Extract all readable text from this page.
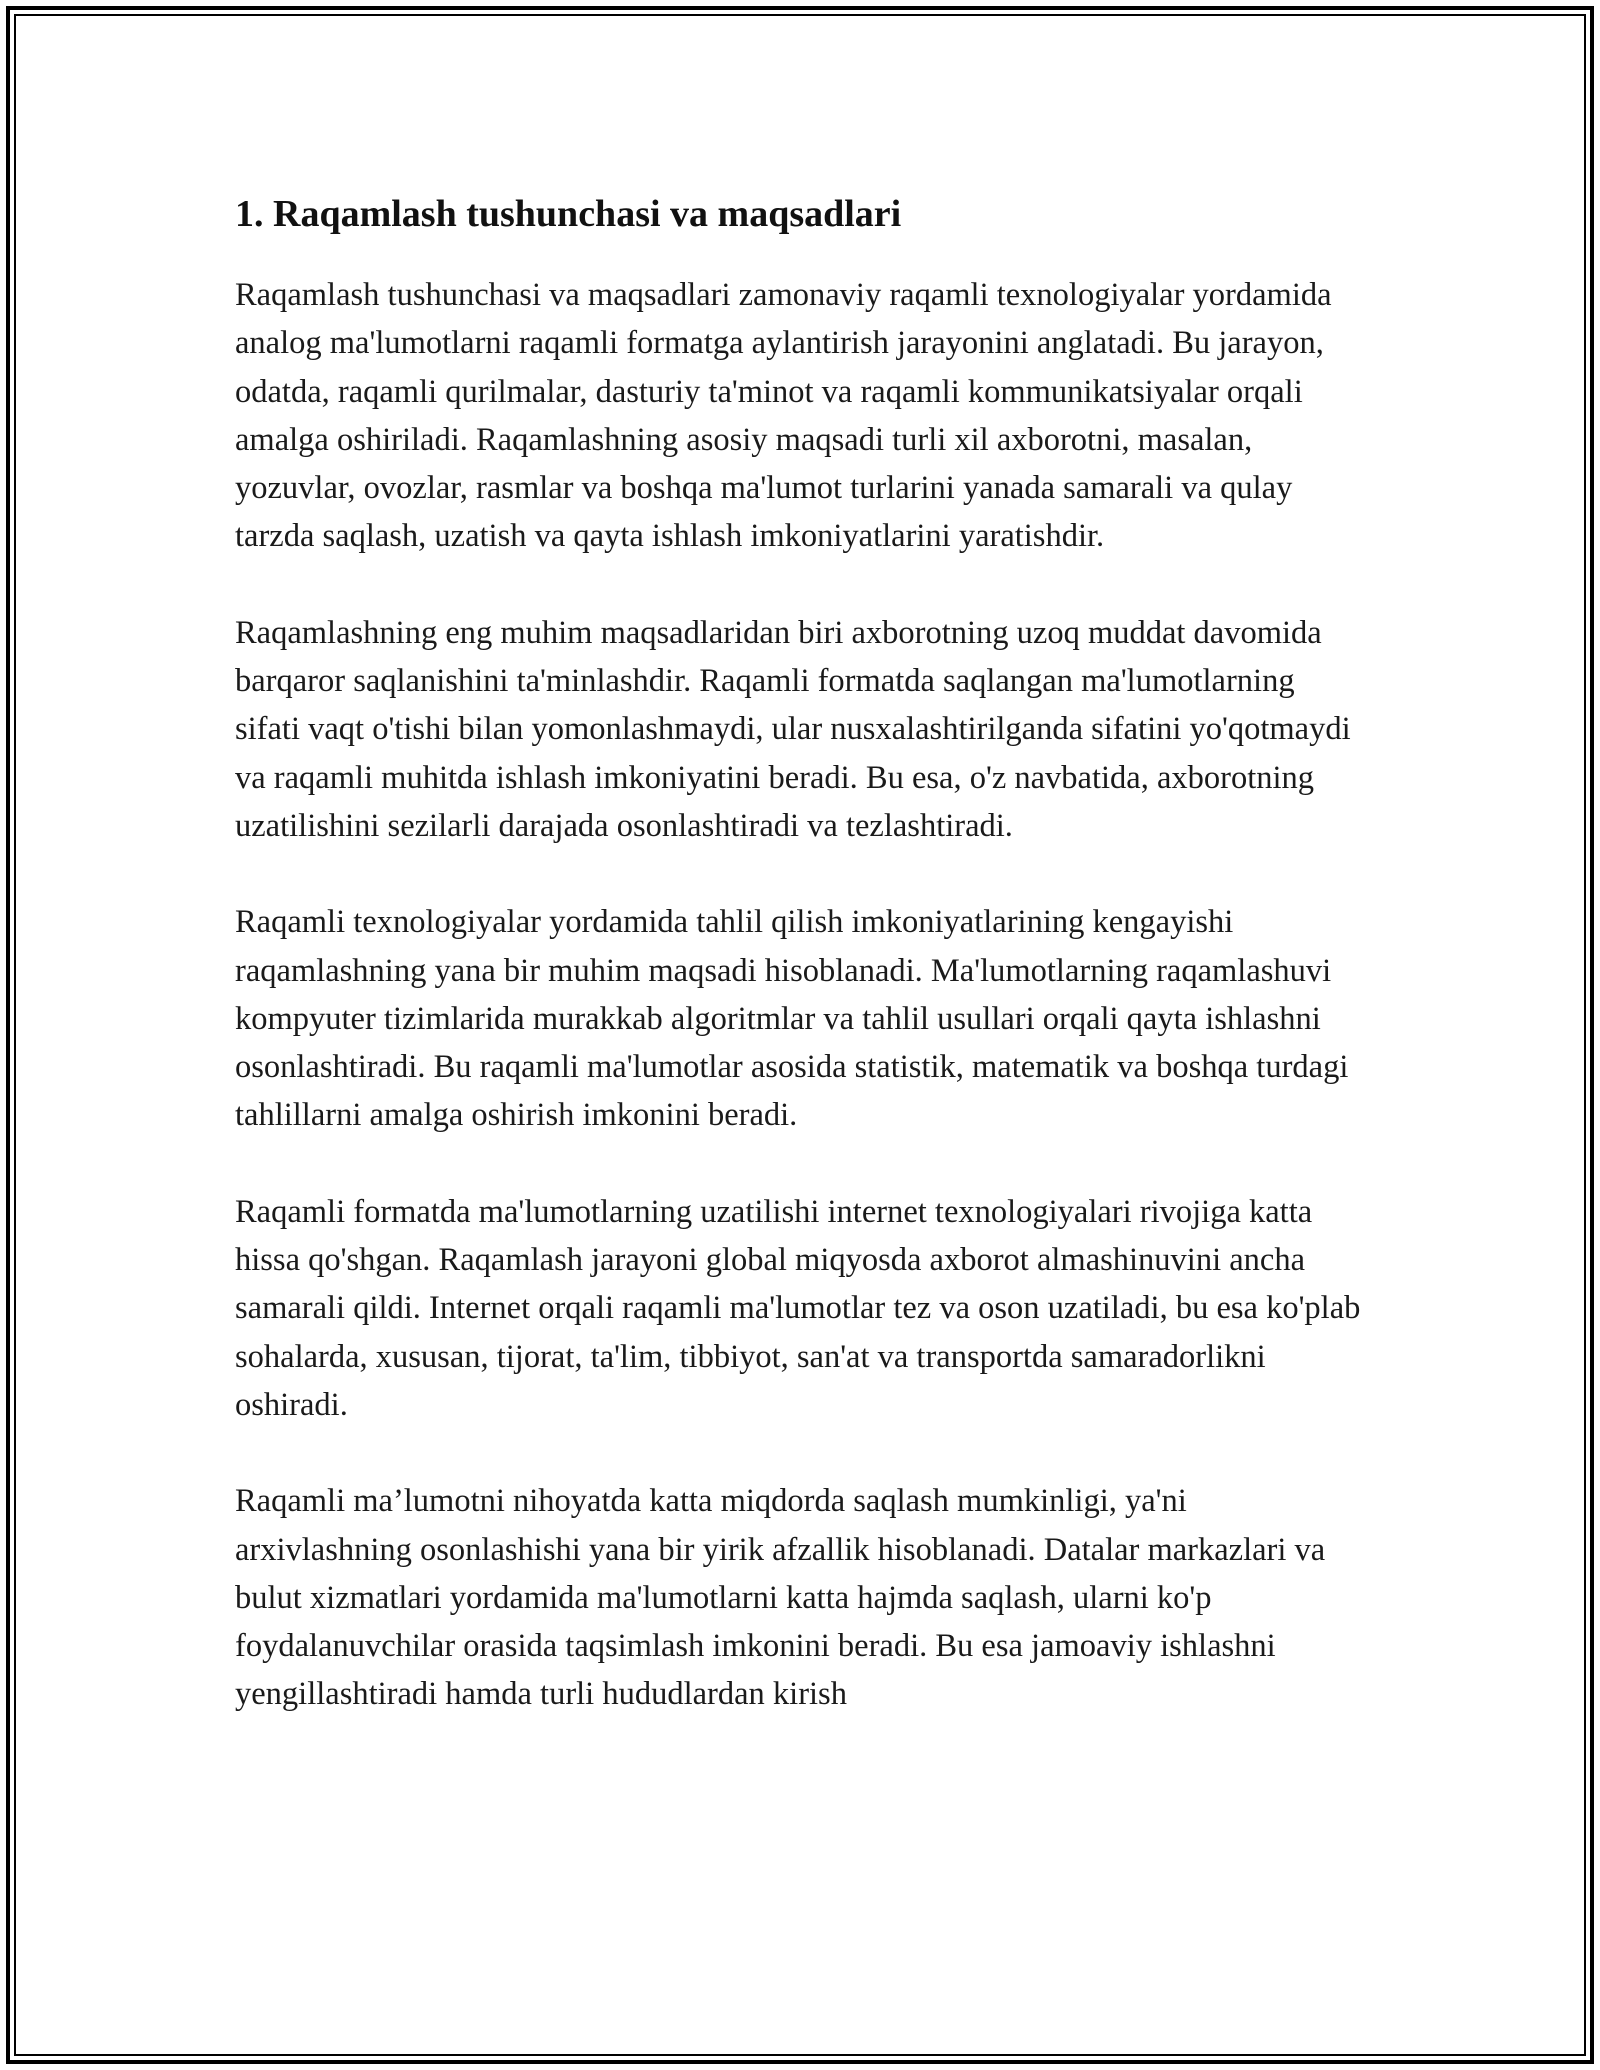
1. Raqamlash tushunchasi va maqsadlari

Raqamlash tushunchasi va maqsadlari zamonaviy raqamli texnologiyalar yordamida analog ma'lumotlarni raqamli formatga aylantirish jarayonini anglatadi. Bu jarayon, odatda, raqamli qurilmalar, dasturiy ta'minot va raqamli kommunikatsiyalar orqali amalga oshiriladi. Raqamlashning asosiy maqsadi turli xil axborotni, masalan, yozuvlar, ovozlar, rasmlar va boshqa ma'lumot turlarini yanada samarali va qulay tarzda saqlash, uzatish va qayta ishlash imkoniyatlarini yaratishdir.

Raqamlashning eng muhim maqsadlaridan biri axborotning uzoq muddat davomida barqaror saqlanishini ta'minlashdir. Raqamli formatda saqlangan ma'lumotlarning sifati vaqt o'tishi bilan yomonlashmaydi, ular nusxalashtirilganda sifatini yo'qotmaydi va raqamli muhitda ishlash imkoniyatini beradi. Bu esa, o'z navbatida, axborotning uzatilishini sezilarli darajada osonlashtiradi va tezlashtiradi.

Raqamli texnologiyalar yordamida tahlil qilish imkoniyatlarining kengayishi raqamlashning yana bir muhim maqsadi hisoblanadi. Ma'lumotlarning raqamlashuvi kompyuter tizimlarida murakkab algoritmlar va tahlil usullari orqali qayta ishlashni osonlashtiradi. Bu raqamli ma'lumotlar asosida statistik, matematik va boshqa turdagi tahlillarni amalga oshirish imkonini beradi.

Raqamli formatda ma'lumotlarning uzatilishi internet texnologiyalari rivojiga katta hissa qo'shgan. Raqamlash jarayoni global miqyosda axborot almashinuvini ancha samarali qildi. Internet orqali raqamli ma'lumotlar tez va oson uzatiladi, bu esa ko'plab sohalarda, xususan, tijorat, ta'lim, tibbiyot, san'at va transportda samaradorlikni oshiradi.

Raqamli ma’lumotni nihoyatda katta miqdorda saqlash mumkinligi, ya'ni arxivlashning osonlashishi yana bir yirik afzallik hisoblanadi. Datalar markazlari va bulut xizmatlari yordamida ma'lumotlarni katta hajmda saqlash, ularni ko'p foydalanuvchilar orasida taqsimlash imkonini beradi. Bu esa jamoaviy ishlashni yengillashtiradi hamda turli hududlardan kirish
